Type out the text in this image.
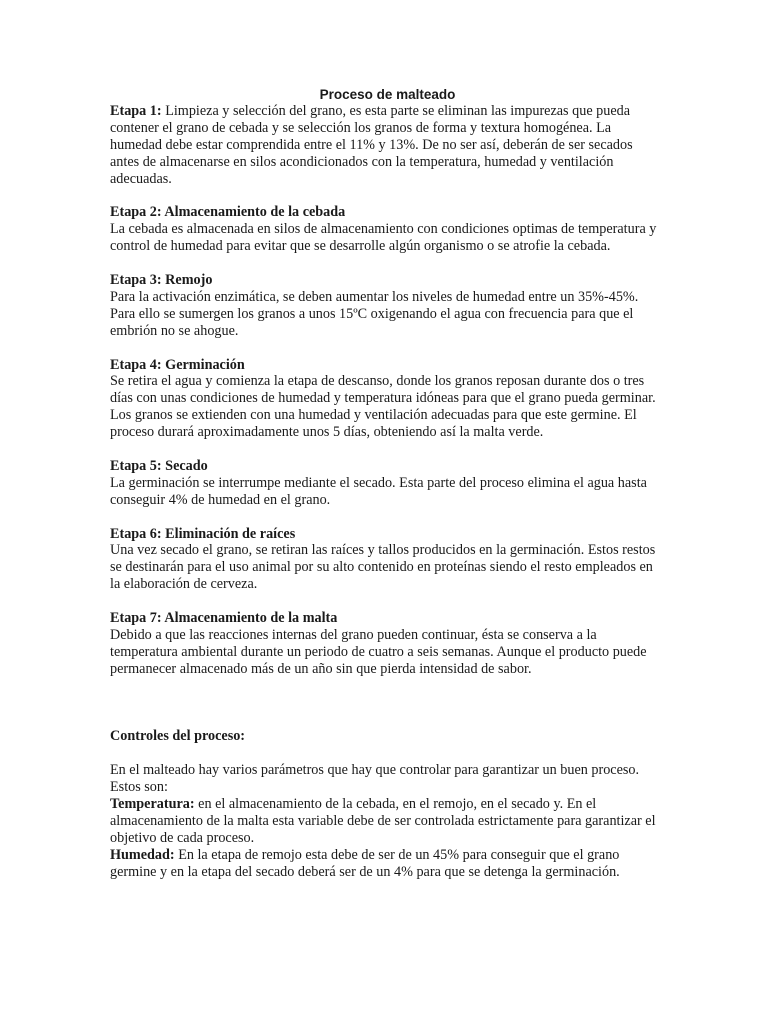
Proceso de malteado

Etapa 1: Limpieza y selección del grano, es esta parte se eliminan las impurezas que pueda contener el grano de cebada y se selección los granos de forma y textura homogénea. La humedad debe estar comprendida entre el 11% y 13%. De no ser así, deberán de ser secados antes de almacenarse en silos acondicionados con la temperatura, humedad y ventilación adecuadas.

Etapa 2: Almacenamiento de la cebada

La cebada es almacenada en silos de almacenamiento con condiciones optimas de temperatura y control de humedad para evitar que se desarrolle algún organismo o se atrofie la cebada.

Etapa 3: Remojo

Para la activación enzimática, se deben aumentar los niveles de humedad entre un 35%-45%. Para ello se sumergen los granos a unos 15ºC oxigenando el agua con frecuencia para que el embrión no se ahogue.

Etapa 4: Germinación

Se retira el agua y comienza la etapa de descanso, donde los granos reposan durante dos o tres días con unas condiciones de humedad y temperatura idóneas para que el grano pueda germinar. Los granos se extienden con una humedad y ventilación adecuadas para que este germine. El proceso durará aproximadamente unos 5 días, obteniendo así la malta verde.

Etapa 5: Secado

La germinación se interrumpe mediante el secado. Esta parte del proceso elimina el agua hasta conseguir 4% de humedad en el grano.

Etapa 6: Eliminación de raíces

Una vez secado el grano, se retiran las raíces y tallos producidos en la germinación. Estos restos se destinarán para el uso animal por su alto contenido en proteínas siendo el resto empleados en la elaboración de cerveza.

Etapa 7: Almacenamiento de la malta

Debido a que las reacciones internas del grano pueden continuar, ésta se conserva a la temperatura ambiental durante un periodo de cuatro a seis semanas. Aunque el producto puede permanecer almacenado más de un año sin que pierda intensidad de sabor.

Controles del proceso:

En el malteado hay varios parámetros que hay que controlar para garantizar un buen proceso. Estos son:

Temperatura: en el almacenamiento de la cebada, en el remojo, en el secado y. En el almacenamiento de la malta esta variable debe de ser controlada estrictamente para garantizar el objetivo de cada proceso.

Humedad: En la etapa de remojo esta debe de ser de un 45% para conseguir que el grano germine y en la etapa del secado deberá ser de un 4% para que se detenga la germinación.
